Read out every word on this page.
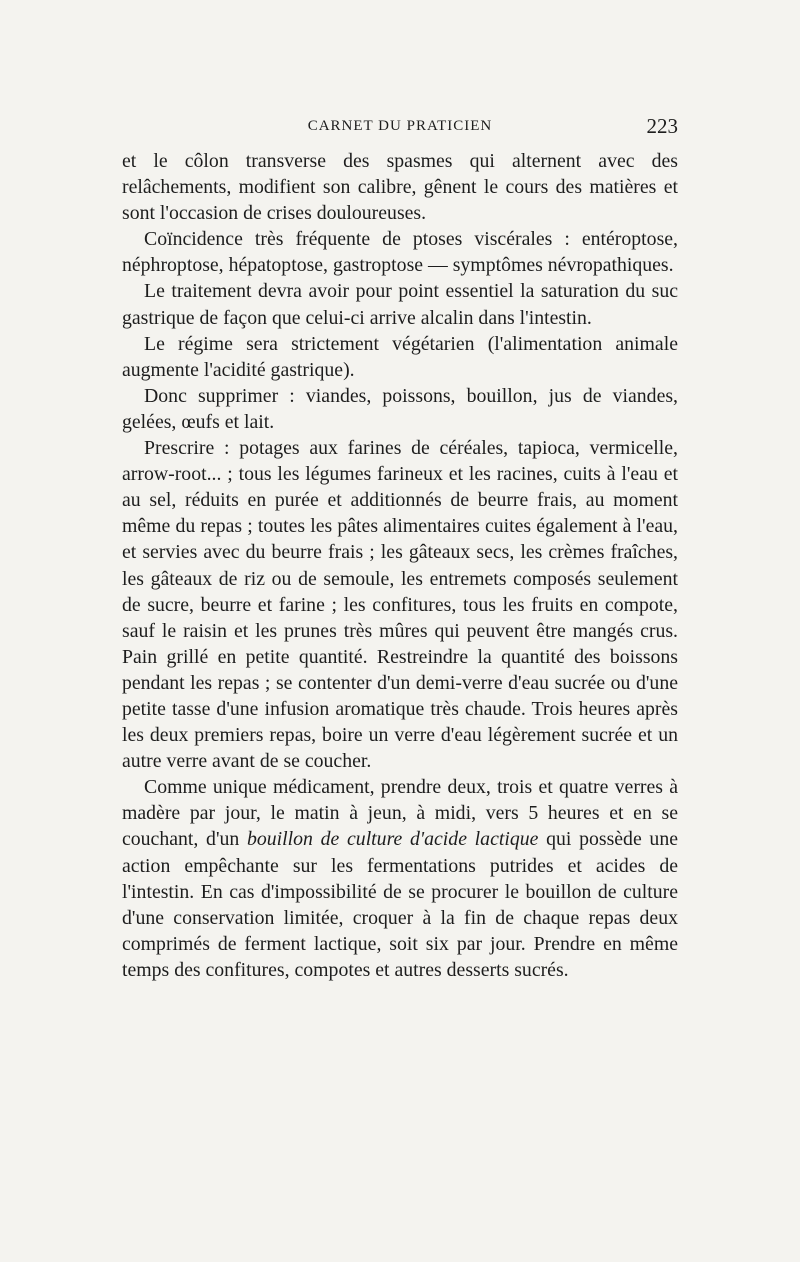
CARNET DU PRATICIEN	223

et le côlon transverse des spasmes qui alternent avec des relâchements, modifient son calibre, gênent le cours des matières et sont l'occasion de crises douloureuses.

Coïncidence très fréquente de ptoses viscérales : entéroptose, néphroptose, hépatoptose, gastroptose — symptômes névropathiques.

Le traitement devra avoir pour point essentiel la saturation du suc gastrique de façon que celui-ci arrive alcalin dans l'intestin.

Le régime sera strictement végétarien (l'alimentation animale augmente l'acidité gastrique).

Donc supprimer : viandes, poissons, bouillon, jus de viandes, gelées, œufs et lait.

Prescrire : potages aux farines de céréales, tapioca, vermicelle, arrow-root... ; tous les légumes farineux et les racines, cuits à l'eau et au sel, réduits en purée et additionnés de beurre frais, au moment même du repas ; toutes les pâtes alimentaires cuites également à l'eau, et servies avec du beurre frais ; les gâteaux secs, les crèmes fraîches, les gâteaux de riz ou de semoule, les entremets composés seulement de sucre, beurre et farine ; les confitures, tous les fruits en compote, sauf le raisin et les prunes très mûres qui peuvent être mangés crus. Pain grillé en petite quantité. Restreindre la quantité des boissons pendant les repas ; se contenter d'un demi-verre d'eau sucrée ou d'une petite tasse d'une infusion aromatique très chaude. Trois heures après les deux premiers repas, boire un verre d'eau légèrement sucrée et un autre verre avant de se coucher.

Comme unique médicament, prendre deux, trois et quatre verres à madère par jour, le matin à jeun, à midi, vers 5 heures et en se couchant, d'un bouillon de culture d'acide lactique qui possède une action empêchante sur les fermentations putrides et acides de l'intestin. En cas d'impossibilité de se procurer le bouillon de culture d'une conservation limitée, croquer à la fin de chaque repas deux comprimés de ferment lactique, soit six par jour. Prendre en même temps des confitures, compotes et autres desserts sucrés.
